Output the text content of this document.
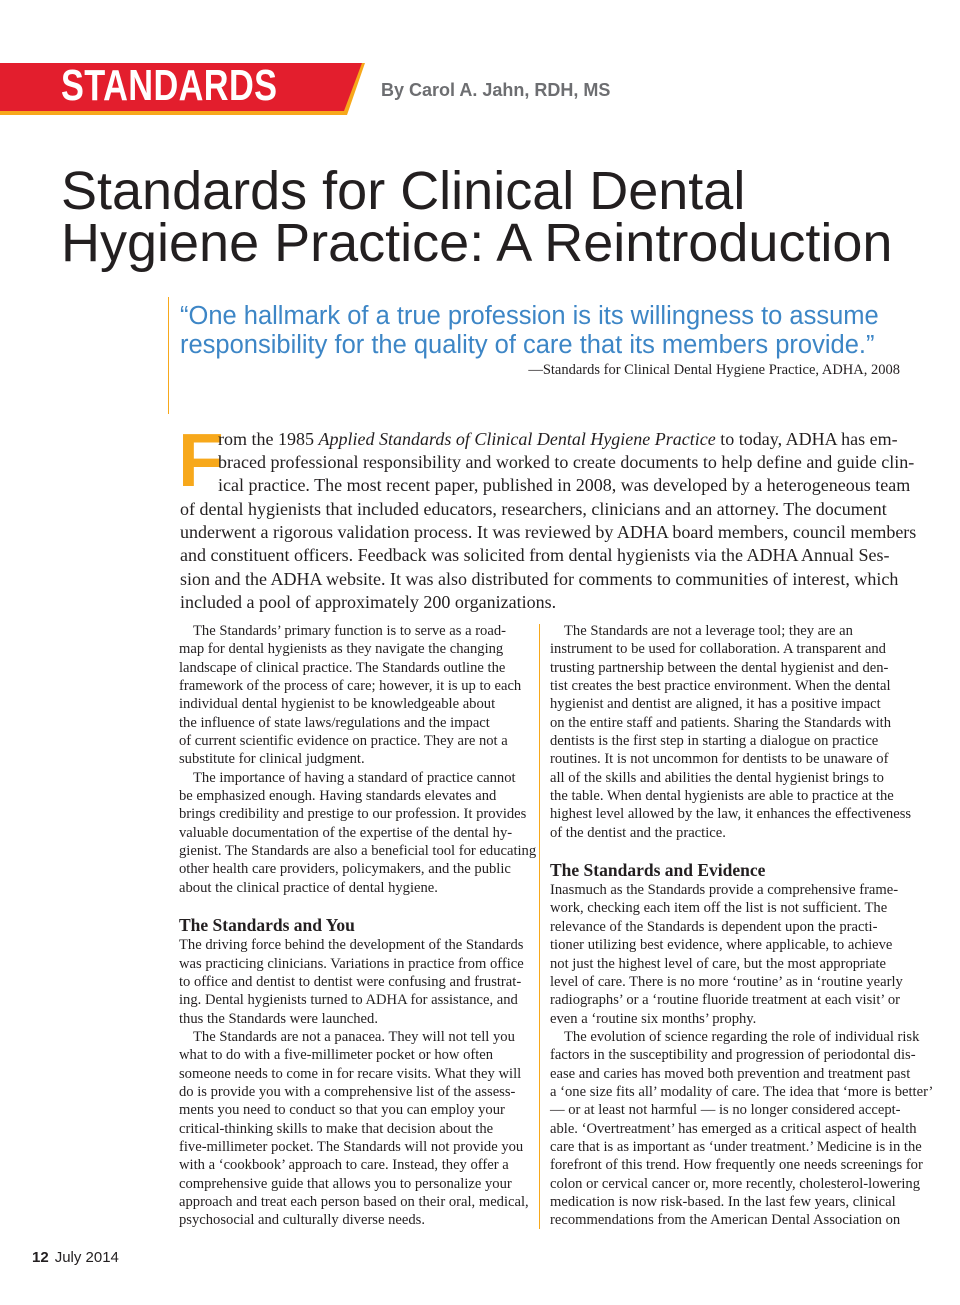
STANDARDS	By Carol A. Jahn, RDH, MS
Standards for Clinical Dental
Hygiene Practice: A Reintroduction
“One hallmark of a true profession is its willingness to assume
responsibility for the quality of care that its members provide.”
—Standards for Clinical Dental Hygiene Practice, ADHA, 2008
F
rom the 1985 Applied Standards of Clinical Dental Hygiene Practice to today, ADHA has em-
braced professional responsibility and worked to create documents to help define and guide clin-
ical practice. The most recent paper, published in 2008, was developed by a heterogeneous team
of dental hygienists that included educators, researchers, clinicians and an attorney. The document
underwent a rigorous validation process. It was reviewed by ADHA board members, council members
and constituent officers. Feedback was solicited from dental hygienists via the ADHA Annual Ses-
sion and the ADHA website. It was also distributed for comments to communities of interest, which
included a pool of approximately 200 organizations.
The Standards’ primary function is to serve as a road-
map for dental hygienists as they navigate the changing
landscape of clinical practice. The Standards outline the
framework of the process of care; however, it is up to each
individual dental hygienist to be knowledgeable about
the influence of state laws/regulations and the impact
of current scientific evidence on practice. They are not a
substitute for clinical judgment.
The importance of having a standard of practice cannot
be emphasized enough. Having standards elevates and
brings credibility and prestige to our profession. It provides
valuable documentation of the expertise of the dental hy-
gienist. The Standards are also a beneficial tool for educating
other health care providers, policymakers, and the public
about the clinical practice of dental hygiene.
The Standards and You
The driving force behind the development of the Standards
was practicing clinicians. Variations in practice from office
to office and dentist to dentist were confusing and frustrat-
ing. Dental hygienists turned to ADHA for assistance, and
thus the Standards were launched.
The Standards are not a panacea. They will not tell you
what to do with a five-millimeter pocket or how often
someone needs to come in for recare visits. What they will
do is provide you with a comprehensive list of the assess-
ments you need to conduct so that you can employ your
critical-thinking skills to make that decision about the
five-millimeter pocket. The Standards will not provide you
with a ‘cookbook’ approach to care. Instead, they offer a
comprehensive guide that allows you to personalize your
approach and treat each person based on their oral, medical,
psychosocial and culturally diverse needs.
The Standards are not a leverage tool; they are an
instrument to be used for collaboration. A transparent and
trusting partnership between the dental hygienist and den-
tist creates the best practice environment. When the dental
hygienist and dentist are aligned, it has a positive impact
on the entire staff and patients. Sharing the Standards with
dentists is the first step in starting a dialogue on practice
routines. It is not uncommon for dentists to be unaware of
all of the skills and abilities the dental hygienist brings to
the table. When dental hygienists are able to practice at the
highest level allowed by the law, it enhances the effectiveness
of the dentist and the practice.
The Standards and Evidence
Inasmuch as the Standards provide a comprehensive frame-
work, checking each item off the list is not sufficient. The
relevance of the Standards is dependent upon the practi-
tioner utilizing best evidence, where applicable, to achieve
not just the highest level of care, but the most appropriate
level of care. There is no more ‘routine’ as in ‘routine yearly
radiographs’ or a ‘routine fluoride treatment at each visit’ or
even a ‘routine six months’ prophy.
The evolution of science regarding the role of individual risk
factors in the susceptibility and progression of periodontal dis-
ease and caries has moved both prevention and treatment past
a ‘one size fits all’ modality of care. The idea that ‘more is better’
— or at least not harmful — is no longer considered accept-
able. ‘Overtreatment’ has emerged as a critical aspect of health
care that is as important as ‘under treatment.’ Medicine is in the
forefront of this trend. How frequently one needs screenings for
colon or cervical cancer or, more recently, cholesterol-lowering
medication is now risk-based. In the last few years, clinical
recommendations from the American Dental Association on
12 July 2014
